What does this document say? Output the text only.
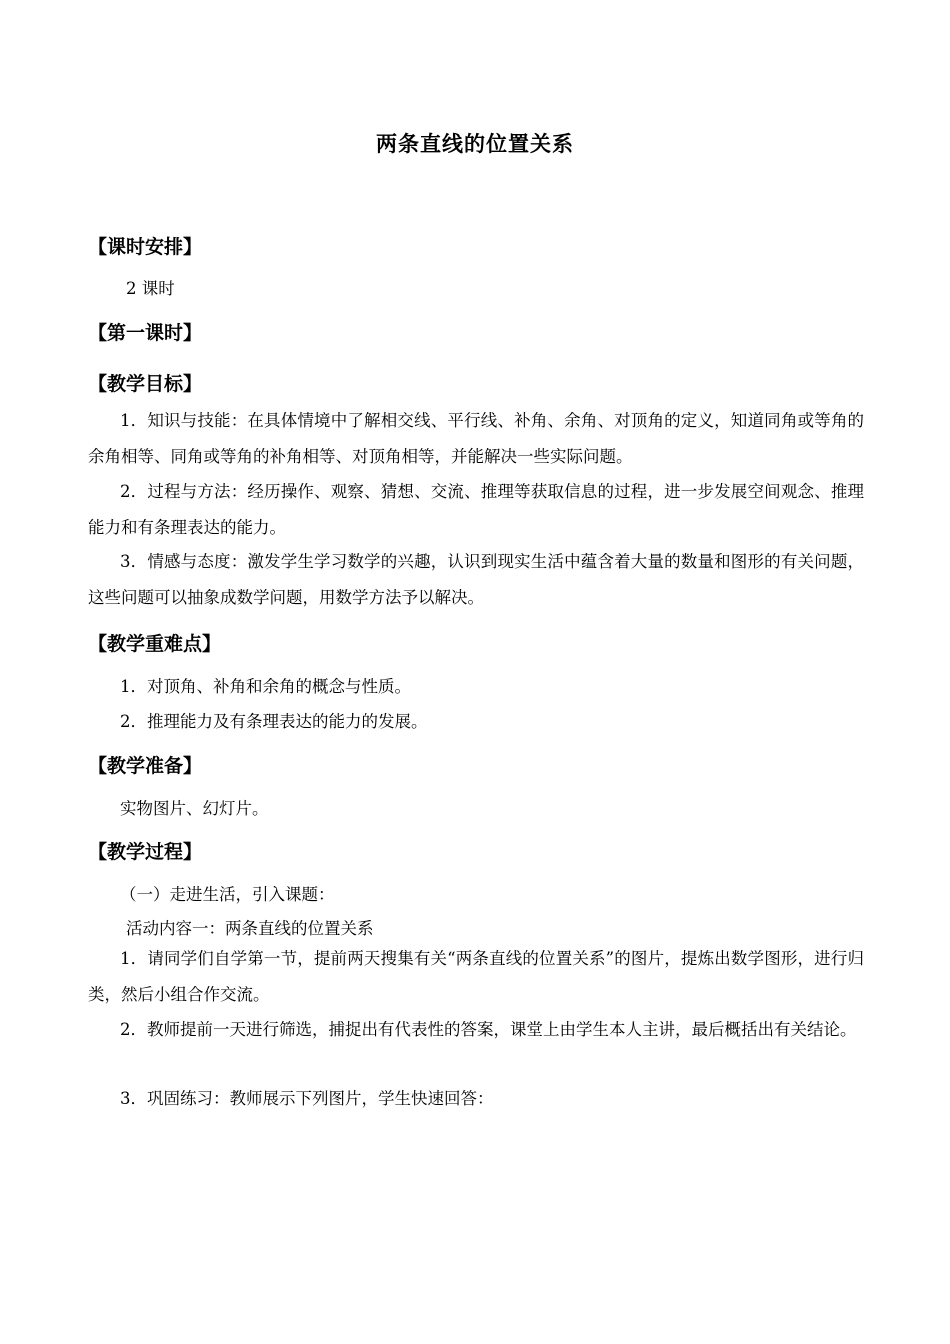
两条直线的位置关系
【课时安排】
2 课时
【第一课时】
【教学目标】
1．知识与技能：在具体情境中了解相交线、平行线、补角、余角、对顶角的定义，知道同角或等角的余角相等、同角或等角的补角相等、对顶角相等，并能解决一些实际问题。
2．过程与方法：经历操作、观察、猜想、交流、推理等获取信息的过程，进一步发展空间观念、推理能力和有条理表达的能力。
3．情感与态度：激发学生学习数学的兴趣，认识到现实生活中蕴含着大量的数量和图形的有关问题，这些问题可以抽象成数学问题，用数学方法予以解决。
【教学重难点】
1．对顶角、补角和余角的概念与性质。
2．推理能力及有条理表达的能力的发展。
【教学准备】
实物图片、幻灯片。
【教学过程】
（一）走进生活，引入课题：
活动内容一：两条直线的位置关系
1．请同学们自学第一节，提前两天搜集有关“两条直线的位置关系”的图片，提炼出数学图形，进行归类，然后小组合作交流。
2．教师提前一天进行筛选，捕捉出有代表性的答案，课堂上由学生本人主讲，最后概括出有关结论。
3．巩固练习：教师展示下列图片，学生快速回答：
